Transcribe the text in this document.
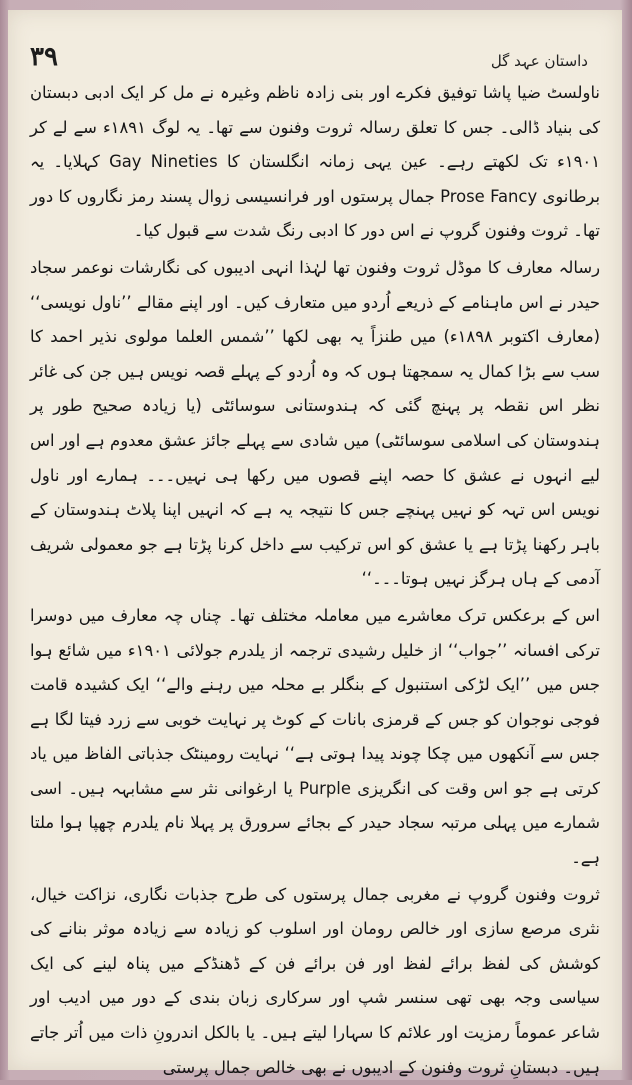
۳۹	داستان عہد گل

ناولسٹ ضیا پاشا توفیق فکرے اور بنی زادہ ناظم وغیرہ نے مل کر ایک ادبی دبستان کی بنیاد ڈالی۔ جس کا تعلق رسالہ ثروت وفنون سے تھا۔ یہ لوگ ۱۸۹۱ء سے لے کر ۱۹۰۱ء تک لکھتے رہے۔ عین یہی زمانہ انگلستان کا Gay Nineties کہلایا۔ یہ برطانوی Prose Fancy جمال پرستوں اور فرانسیسی زوال پسند رمز نگاروں کا دور تھا۔ ثروت وفنون گروپ نے اس دور کا ادبی رنگ شدت سے قبول کیا۔

رسالہ معارف کا موڈل ثروت وفنون تھا لہٰذا انہی ادیبوں کی نگارشات نوعمر سجاد حیدر نے اس ماہنامے کے ذریعے اُردو میں متعارف کیں۔ اور اپنے مقالے ’’ناول نویسی‘‘ (معارف اکتوبر ۱۸۹۸ء) میں طنزاً یہ بھی لکھا ’’شمس العلما مولوی نذیر احمد کا سب سے بڑا کمال یہ سمجھتا ہوں کہ وہ اُردو کے پہلے قصہ نویس ہیں جن کی غائر نظر اس نقطہ پر پہنچ گئی کہ ہندوستانی سوسائٹی (یا زیادہ صحیح طور پر ہندوستان کی اسلامی سوسائٹی) میں شادی سے پہلے جائز عشق معدوم ہے اور اس لیے انہوں نے عشق کا حصہ اپنے قصوں میں رکھا ہی نہیں۔۔۔ ہمارے اور ناول نویس اس تہہ کو نہیں پہنچے جس کا نتیجہ یہ ہے کہ انہیں اپنا پلاٹ ہندوستان کے باہر رکھنا پڑتا ہے یا عشق کو اس ترکیب سے داخل کرنا پڑتا ہے جو معمولی شریف آدمی کے ہاں ہرگز نہیں ہوتا۔۔۔‘‘

اس کے برعکس ترک معاشرے میں معاملہ مختلف تھا۔ چناں چہ معارف میں دوسرا ترکی افسانہ ’’جواب‘‘ از خلیل رشیدی ترجمہ از یلدرم جولائی ۱۹۰۱ء میں شائع ہوا جس میں ’’ایک لڑکی استنبول کے بنگلر بے محلہ میں رہنے والے‘‘ ایک کشیدہ قامت فوجی نوجوان کو جس کے قرمزی بانات کے کوٹ پر نہایت خوبی سے زرد فیتا لگا ہے جس سے آنکھوں میں چکا چوند پیدا ہوتی ہے‘‘ نہایت رومینٹک جذباتی الفاظ میں یاد کرتی ہے جو اس وقت کی انگریزی Purple یا ارغوانی نثر سے مشابہہ ہیں۔ اسی شمارے میں پہلی مرتبہ سجاد حیدر کے بجائے سرورق پر پہلا نام یلدرم چھپا ہوا ملتا ہے۔

ثروت وفنون گروپ نے مغربی جمال پرستوں کی طرح جذبات نگاری، نزاکت خیال، نثری مرصع سازی اور خالص رومان اور اسلوب کو زیادہ سے زیادہ موثر بنانے کی کوشش کی لفظ برائے لفظ اور فن برائے فن کے ڈھنڈکے میں پناہ لینے کی ایک سیاسی وجہ بھی تھی سنسر شپ اور سرکاری زبان بندی کے دور میں ادیب اور شاعر عموماً رمزیت اور علائم کا سہارا لیتے ہیں۔ یا بالکل اندرونِ ذات میں اُتر جاتے ہیں۔ دبستانِ ثروت وفنون کے ادیبوں نے بھی خالص جمال پرستی
